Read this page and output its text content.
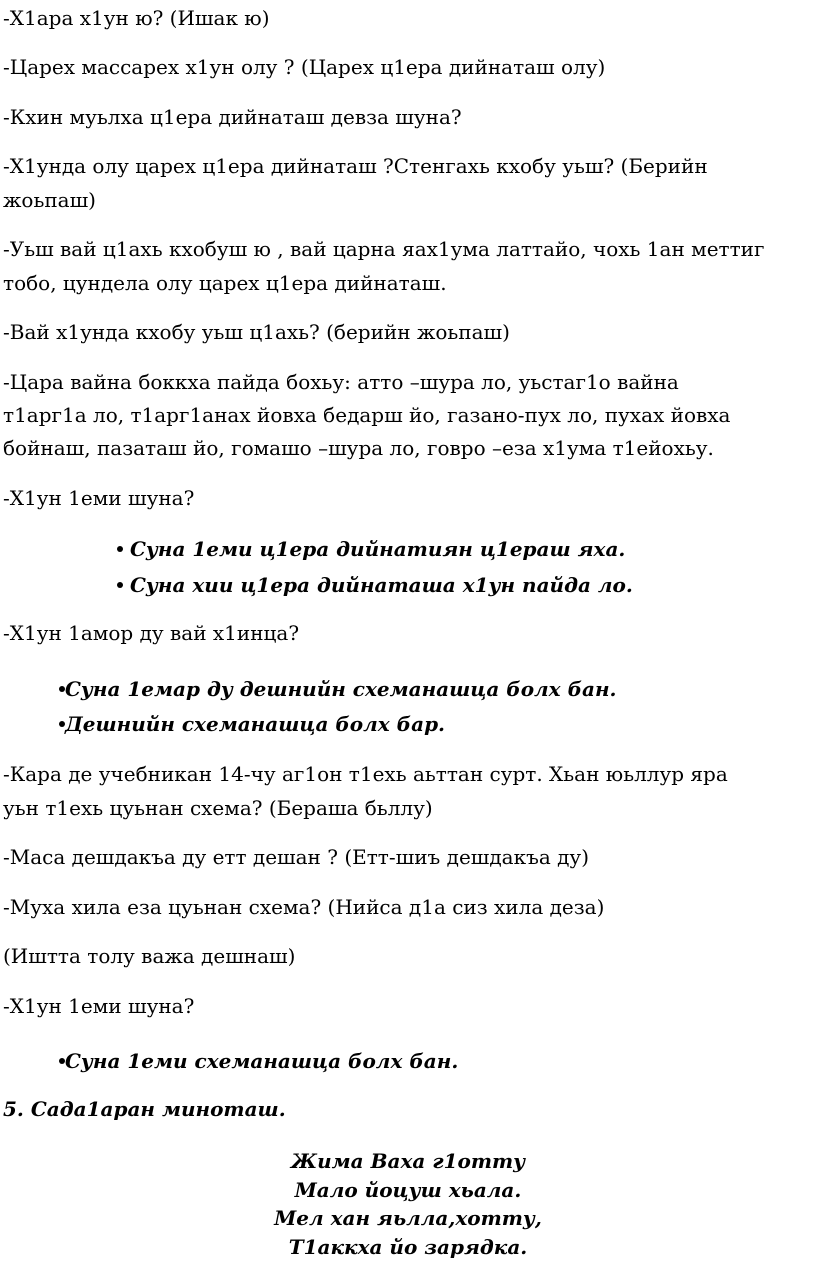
-Х1ара х1ун ю? (Ишак ю)
-Царех массарех х1ун олу ? (Царех ц1ера дийнаташ олу)
-Кхин муьлха ц1ера дийнаташ девза шуна?
-Х1унда олу царех ц1ера дийнаташ ?Стенгахь кхобу уьш? (Берийн
жоьпаш)
-Уьш вай ц1ахь кхобуш ю , вай царна яах1ума латтайо, чохь 1ан меттиг
тобо, цундела олу царех ц1ера дийнаташ.
-Вай х1унда кхобу уьш ц1ахь? (берийн жоьпаш)
-Цара вайна боккха пайда бохьу: атто –шура ло, уьстаг1о вайна
т1арг1а ло, т1арг1анах йовха бедарш йо, газано-пух ло, пухах йовха
бойнаш, пазаташ йо, гомашо –шура ло, говро –еза х1ума т1ейохьу.
-Х1ун 1еми шуна?
Суна 1еми ц1ера дийнатиян ц1ераш яха.
Суна хии ц1ера дийнаташа х1ун пайда ло.
-Х1ун 1амор ду вай х1инца?
Суна 1емар ду дешнийн схеманашца болх бан.
Дешнийн схеманашца болх бар.
-Кара де учебникан 14-чу аг1он т1ехь аьттан сурт. Хьан юьллур яра
уьн т1ехь цуьнан схема? (Бераша бьллу)
-Маса дешдакъа ду етт дешан ? (Етт-шиъ дешдакъа ду)
-Муха хила еза цуьнан схема? (Нийса д1а сиз хила деза)
(Иштта толу важа дешнаш)
-Х1ун 1еми шуна?
Суна 1еми схеманашца болх бан.
5. Сада1аран миноташ.
Жима Ваха г1отту
Мало йоцуш хьала.
Мел хан яьлла,хотту,
Т1аккха йо зарядка.
